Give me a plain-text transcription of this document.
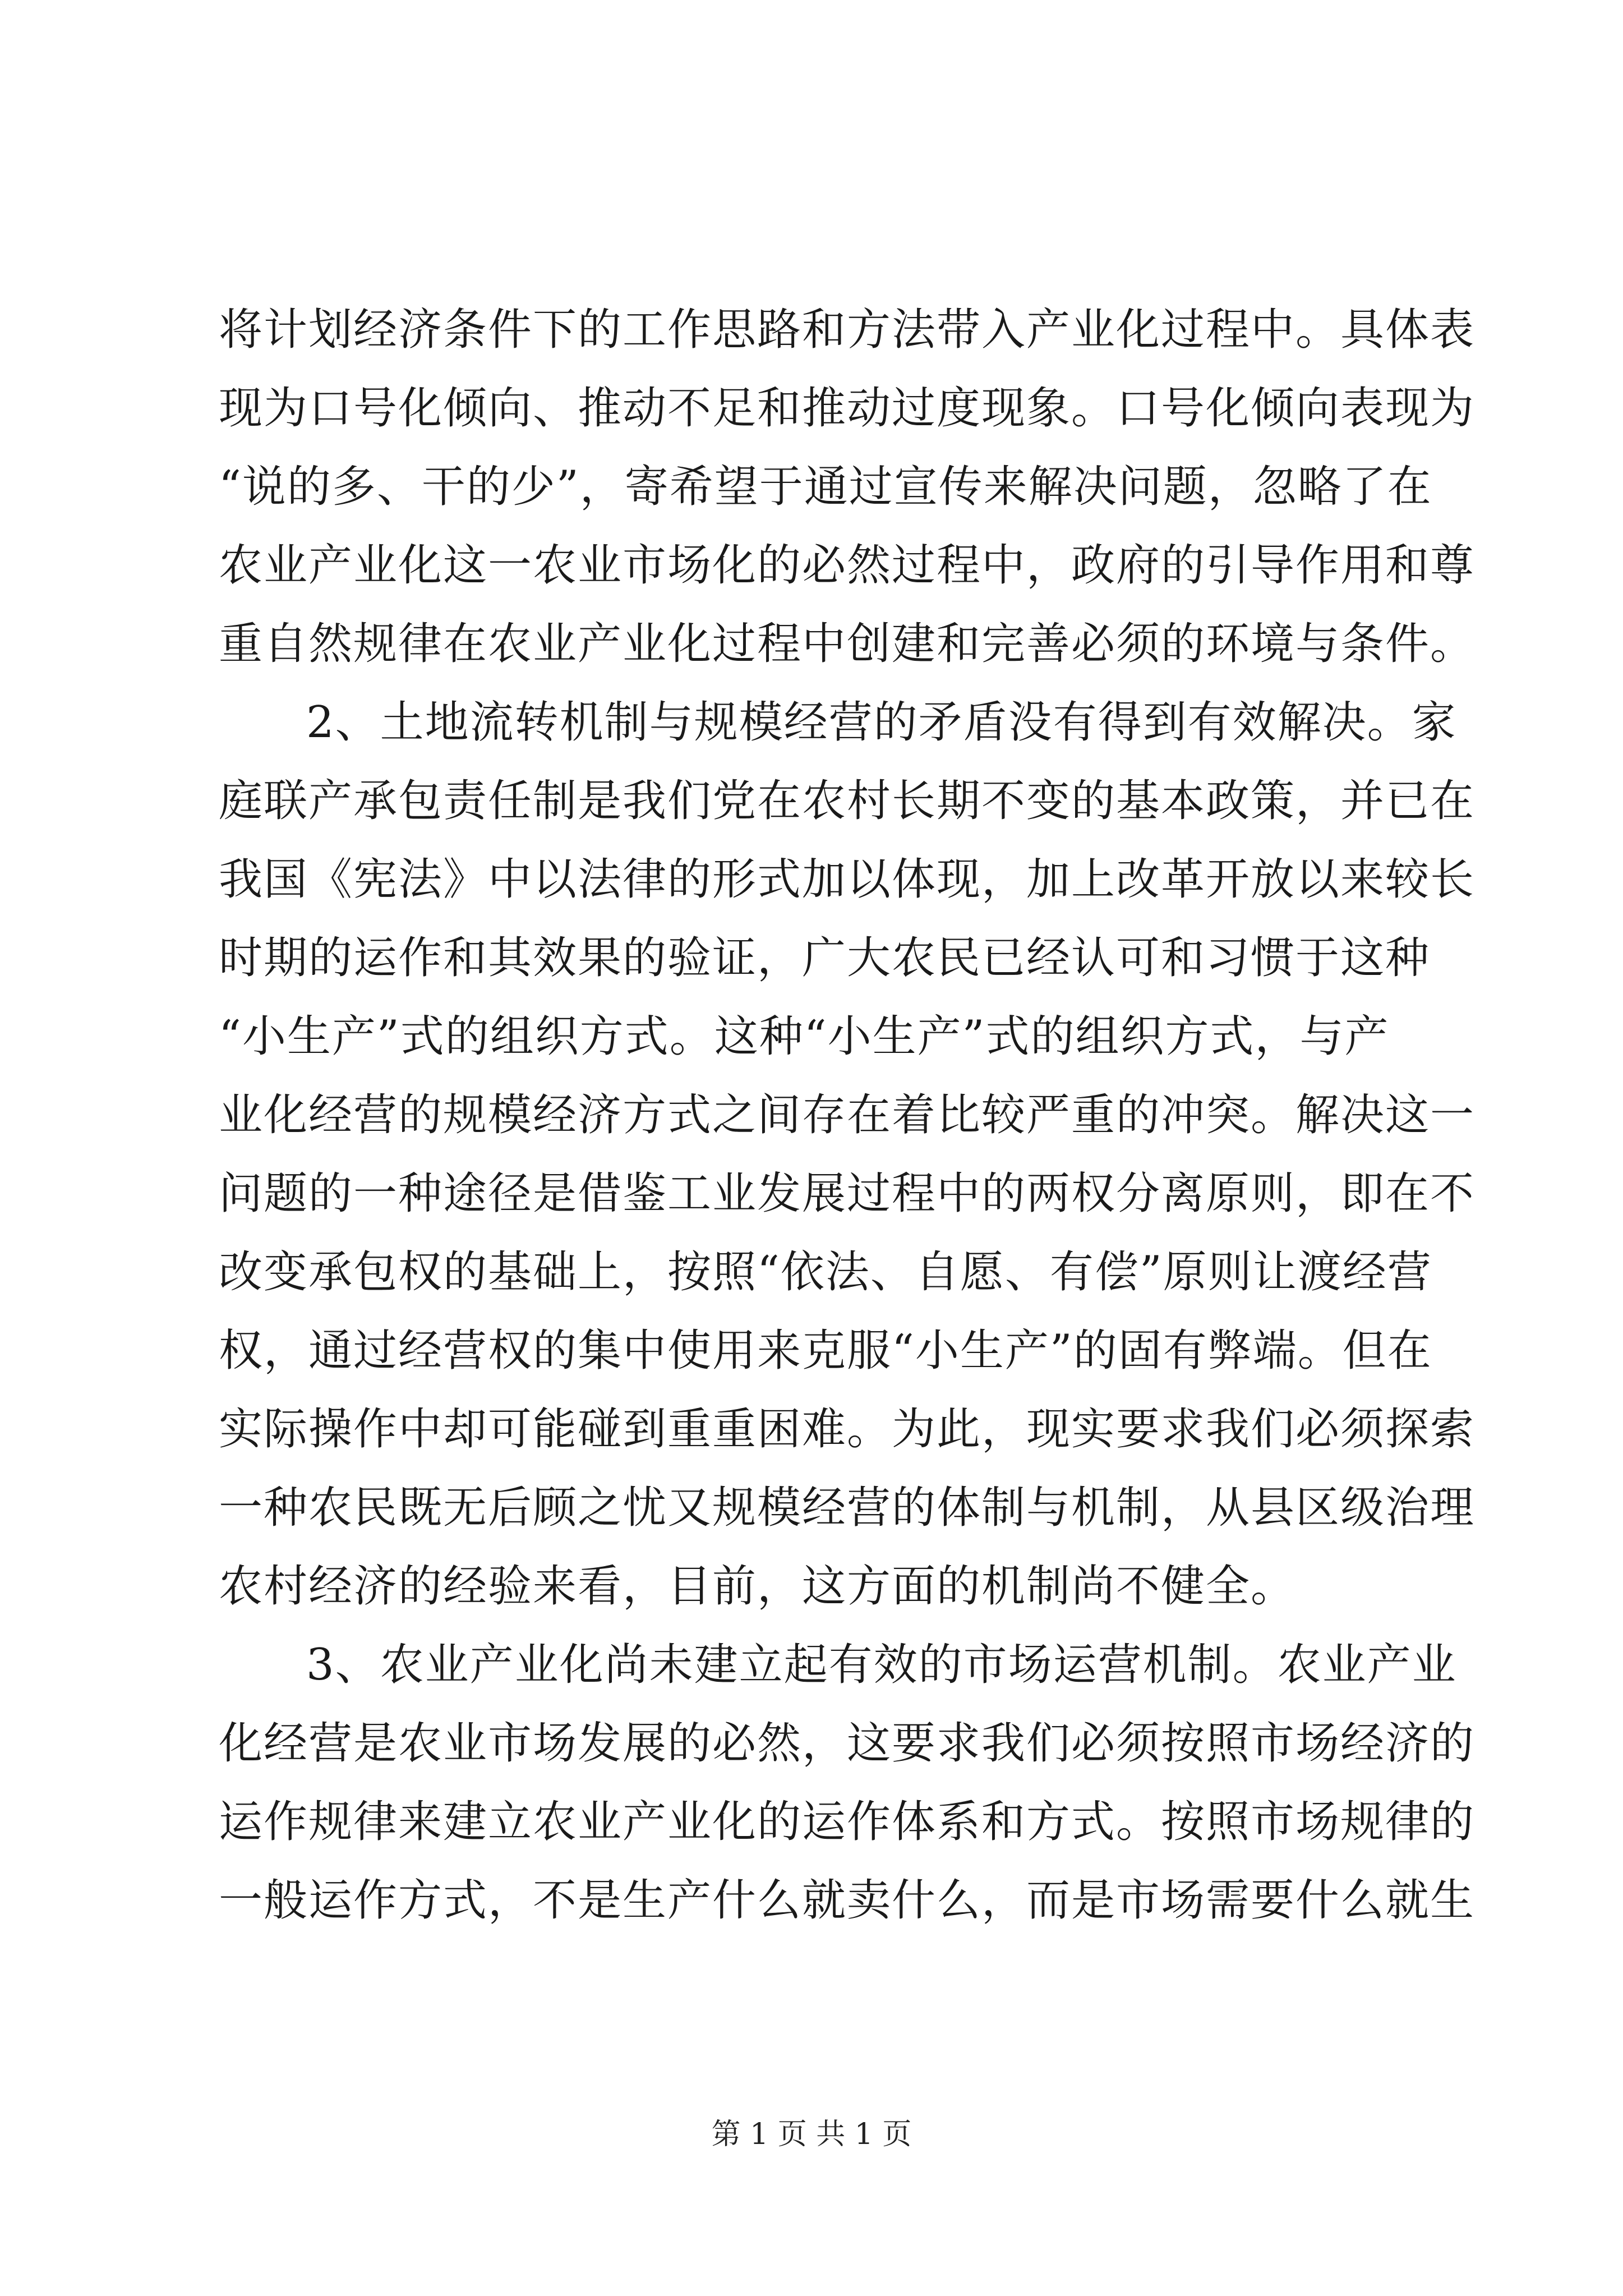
将计划经济条件下的工作思路和方法带入产业化过程中。具体表
现为口号化倾向、推动不足和推动过度现象。口号化倾向表现为
“说的多、干的少”，寄希望于通过宣传来解决问题，忽略了在
农业产业化这一农业市场化的必然过程中，政府的引导作用和尊
重自然规律在农业产业化过程中创建和完善必须的环境与条件。
2、土地流转机制与规模经营的矛盾没有得到有效解决。家
庭联产承包责任制是我们党在农村长期不变的基本政策，并已在
我国《宪法》中以法律的形式加以体现，加上改革开放以来较长
时期的运作和其效果的验证，广大农民已经认可和习惯于这种
“小生产”式的组织方式。这种“小生产”式的组织方式，与产
业化经营的规模经济方式之间存在着比较严重的冲突。解决这一
问题的一种途径是借鉴工业发展过程中的两权分离原则，即在不
改变承包权的基础上，按照“依法、自愿、有偿”原则让渡经营
权，通过经营权的集中使用来克服“小生产”的固有弊端。但在
实际操作中却可能碰到重重困难。为此，现实要求我们必须探索
一种农民既无后顾之忧又规模经营的体制与机制，从县区级治理
农村经济的经验来看，目前，这方面的机制尚不健全。
3、农业产业化尚未建立起有效的市场运营机制。农业产业
化经营是农业市场发展的必然，这要求我们必须按照市场经济的
运作规律来建立农业产业化的运作体系和方式。按照市场规律的
一般运作方式，不是生产什么就卖什么，而是市场需要什么就生
第 1 页 共 1 页
